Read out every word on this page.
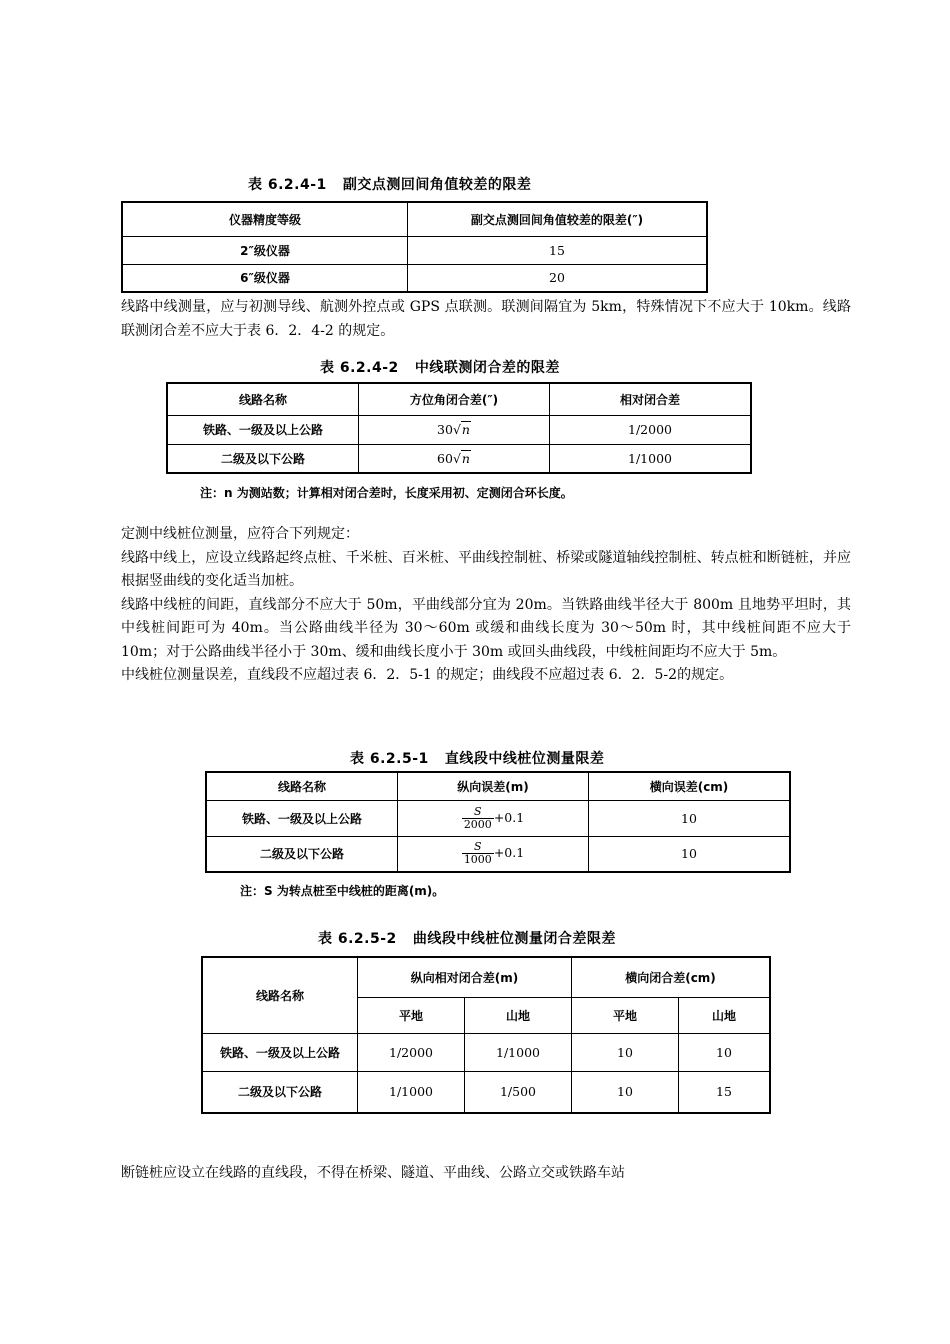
表 6.2.4-1   副交点测回间角值较差的限差
仪器精度等级	副交点测回间角值较差的限差(″)
2″级仪器	15
6″级仪器	20

线路中线测量，应与初测导线、航测外控点或 GPS 点联测。联测间隔宜为 5km，特殊情况下不应大于 10km。线路联测闭合差不应大于表 6．2．4-2 的规定。

表 6.2.4-2   中线联测闭合差的限差
线路名称	方位角闭合差(″)	相对闭合差
铁路、一级及以上公路	30√n	1/2000
二级及以下公路	60√n	1/1000
注：n 为测站数；计算相对闭合差时，长度采用初、定测闭合环长度。

定测中线桩位测量，应符合下列规定：

线路中线上，应设立线路起终点桩、千米桩、百米桩、平曲线控制桩、桥梁或隧道轴线控制桩、转点桩和断链桩，并应根据竖曲线的变化适当加桩。

线路中线桩的间距，直线部分不应大于 50m，平曲线部分宜为 20m。当铁路曲线半径大于 800m 且地势平坦时，其中线桩间距可为 40m。当公路曲线半径为 30～60m 或缓和曲线长度为 30～50m 时，其中线桩间距不应大于 10m；对于公路曲线半径小于 30m、缓和曲线长度小于 30m 或回头曲线段，中线桩间距均不应大于 5m。

中线桩位测量误差，直线段不应超过表 6．2．5-1 的规定；曲线段不应超过表 6．2．5-2的规定。

表 6.2.5-1   直线段中线桩位测量限差
线路名称	纵向误差(m)	横向误差(cm)
铁路、一级及以上公路	$\frac{S}{2000} +0.1$	10
二级及以下公路	$\frac{S}{1000} +0.1$	10
注：S 为转点桩至中线桩的距离(m)。
表 6.2.5-2   曲线段中线桩位测量闭合差限差
线路名称	纵向相对闭合差(m)		横向闭合差(cm)	
	平地	山地	平地	山地
铁路、一级及以上公路	1/2000	1/1000	10	10
二级及以下公路	1/1000	1/500	10	15

断链桩应设立在线路的直线段，不得在桥梁、隧道、平曲线、公路立交或铁路车站
